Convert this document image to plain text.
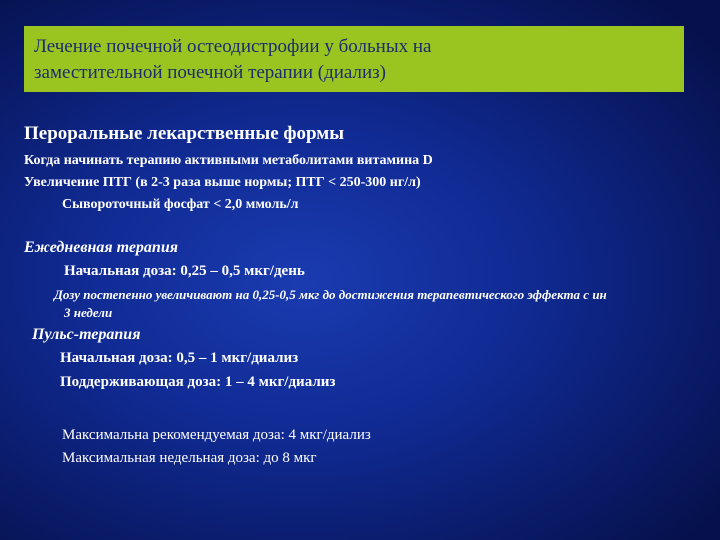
Лечение почечной остеодистрофии у больных на
заместительной почечной терапии (диализ)
Пероральные лекарственные формы
Когда начинать терапию активными метаболитами витамина D
Увеличение ПТГ (в 2-3 раза выше нормы; ПТГ < 250-300 нг/л)
Сывороточный фосфат < 2,0 ммоль/л
Ежедневная терапия
Начальная доза: 0,25 – 0,5 мкг/день
Дозу постепенно увеличивают на 0,25-0,5 мкг до достижения терапевтического эффекта с ин
3 недели
Пульс-терапия
Начальная доза: 0,5 – 1 мкг/диализ
Поддерживающая доза: 1 – 4 мкг/диализ
Максимальна рекомендуемая доза: 4 мкг/диализ
Максимальная недельная доза: до 8 мкг
